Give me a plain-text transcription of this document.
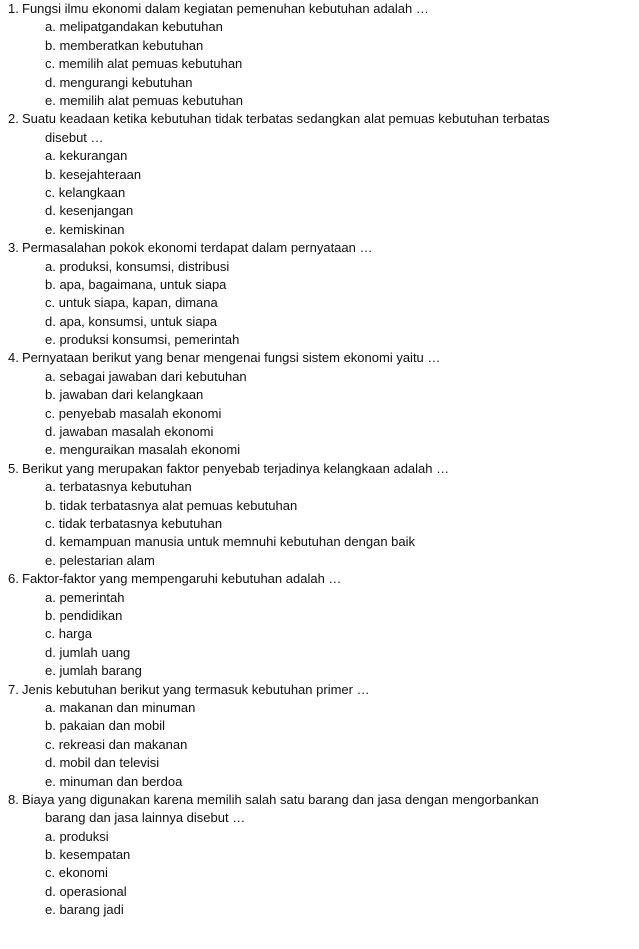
1. Fungsi ilmu ekonomi dalam kegiatan pemenuhan kebutuhan adalah …
a. melipatgandakan kebutuhan
b. memberatkan kebutuhan
c. memilih alat pemuas kebutuhan
d. mengurangi kebutuhan
e. memilih alat pemuas kebutuhan
2. Suatu keadaan ketika kebutuhan tidak terbatas sedangkan alat pemuas kebutuhan terbatas
disebut …
a. kekurangan
b. kesejahteraan
c. kelangkaan
d. kesenjangan
e. kemiskinan
3. Permasalahan pokok ekonomi terdapat dalam pernyataan …
a. produksi, konsumsi, distribusi
b. apa, bagaimana, untuk siapa
c. untuk siapa, kapan, dimana
d. apa, konsumsi, untuk siapa
e. produksi konsumsi, pemerintah
4. Pernyataan berikut yang benar mengenai fungsi sistem ekonomi yaitu …
a. sebagai jawaban dari kebutuhan
b. jawaban dari kelangkaan
c. penyebab masalah ekonomi
d. jawaban masalah ekonomi
e. menguraikan masalah ekonomi
5. Berikut yang merupakan faktor penyebab terjadinya kelangkaan adalah …
a. terbatasnya kebutuhan
b. tidak terbatasnya alat pemuas kebutuhan
c. tidak terbatasnya kebutuhan
d. kemampuan manusia untuk memnuhi kebutuhan dengan baik
e. pelestarian alam
6. Faktor-faktor yang mempengaruhi kebutuhan adalah …
a. pemerintah
b. pendidikan
c. harga
d. jumlah uang
e. jumlah barang
7. Jenis kebutuhan berikut yang termasuk kebutuhan primer …
a. makanan dan minuman
b. pakaian dan mobil
c. rekreasi dan makanan
d. mobil dan televisi
e. minuman dan berdoa
8. Biaya yang digunakan karena memilih salah satu barang dan jasa dengan mengorbankan
barang dan jasa lainnya disebut …
a. produksi
b. kesempatan
c. ekonomi
d. operasional
e. barang jadi
